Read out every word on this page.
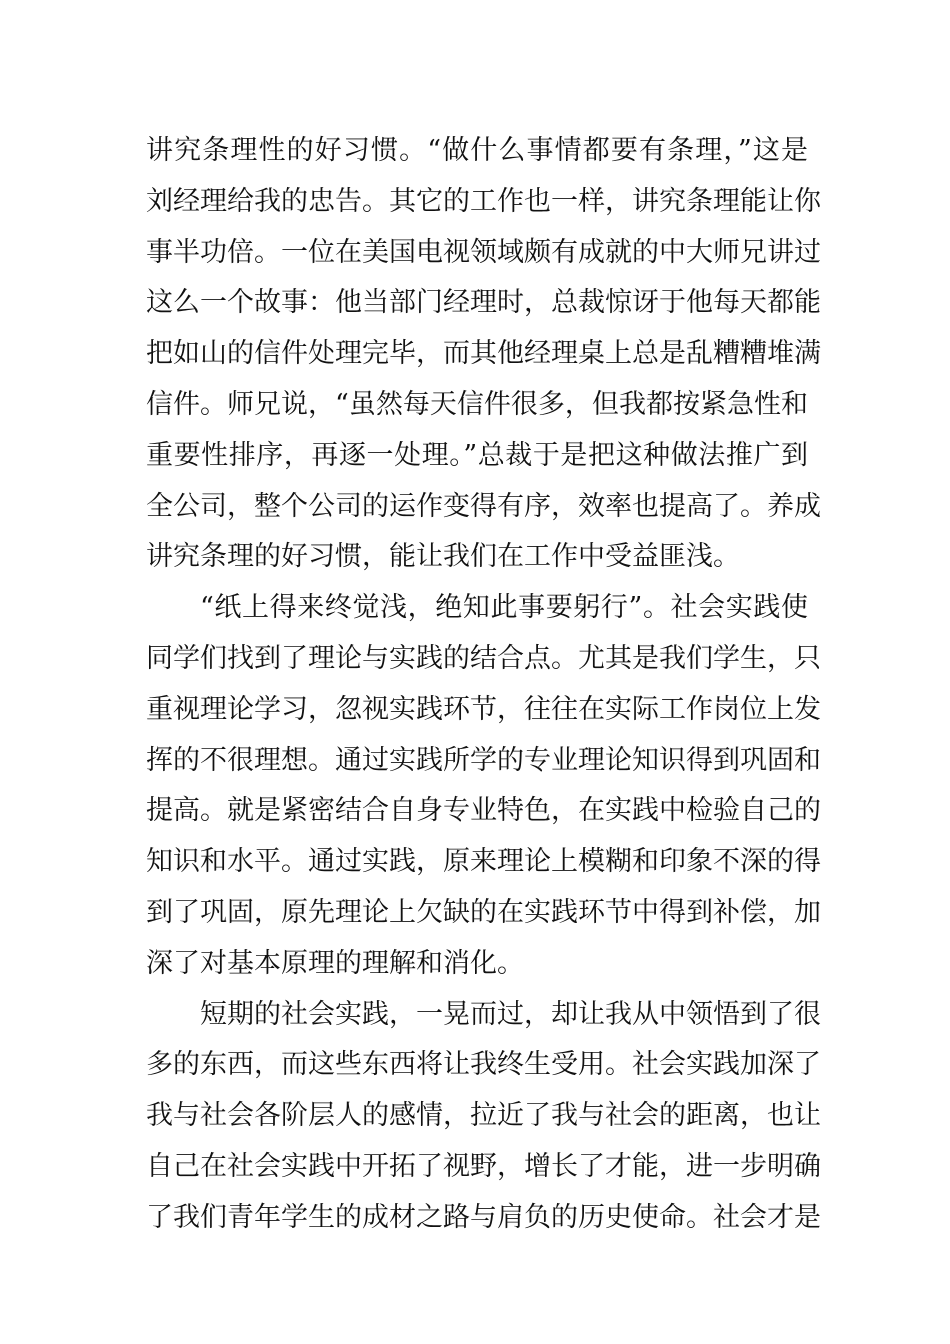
讲究条理性的好习惯。“做什么事情都要有条理，”这是
刘经理给我的忠告。其它的工作也一样，讲究条理能让你
事半功倍。一位在美国电视领域颇有成就的中大师兄讲过
这么一个故事：他当部门经理时，总裁惊讶于他每天都能
把如山的信件处理完毕，而其他经理桌上总是乱糟糟堆满
信件。师兄说，“虽然每天信件很多，但我都按紧急性和
重要性排序，再逐一处理。”总裁于是把这种做法推广到
全公司，整个公司的运作变得有序，效率也提高了。养成
讲究条理的好习惯，能让我们在工作中受益匪浅。
“纸上得来终觉浅，绝知此事要躬行”。社会实践使
同学们找到了理论与实践的结合点。尤其是我们学生，只
重视理论学习，忽视实践环节，往往在实际工作岗位上发
挥的不很理想。通过实践所学的专业理论知识得到巩固和
提高。就是紧密结合自身专业特色，在实践中检验自己的
知识和水平。通过实践，原来理论上模糊和印象不深的得
到了巩固，原先理论上欠缺的在实践环节中得到补偿，加
深了对基本原理的理解和消化。
短期的社会实践，一晃而过，却让我从中领悟到了很
多的东西，而这些东西将让我终生受用。社会实践加深了
我与社会各阶层人的感情，拉近了我与社会的距离，也让
自己在社会实践中开拓了视野，增长了才能，进一步明确
了我们青年学生的成材之路与肩负的历史使命。社会才是
